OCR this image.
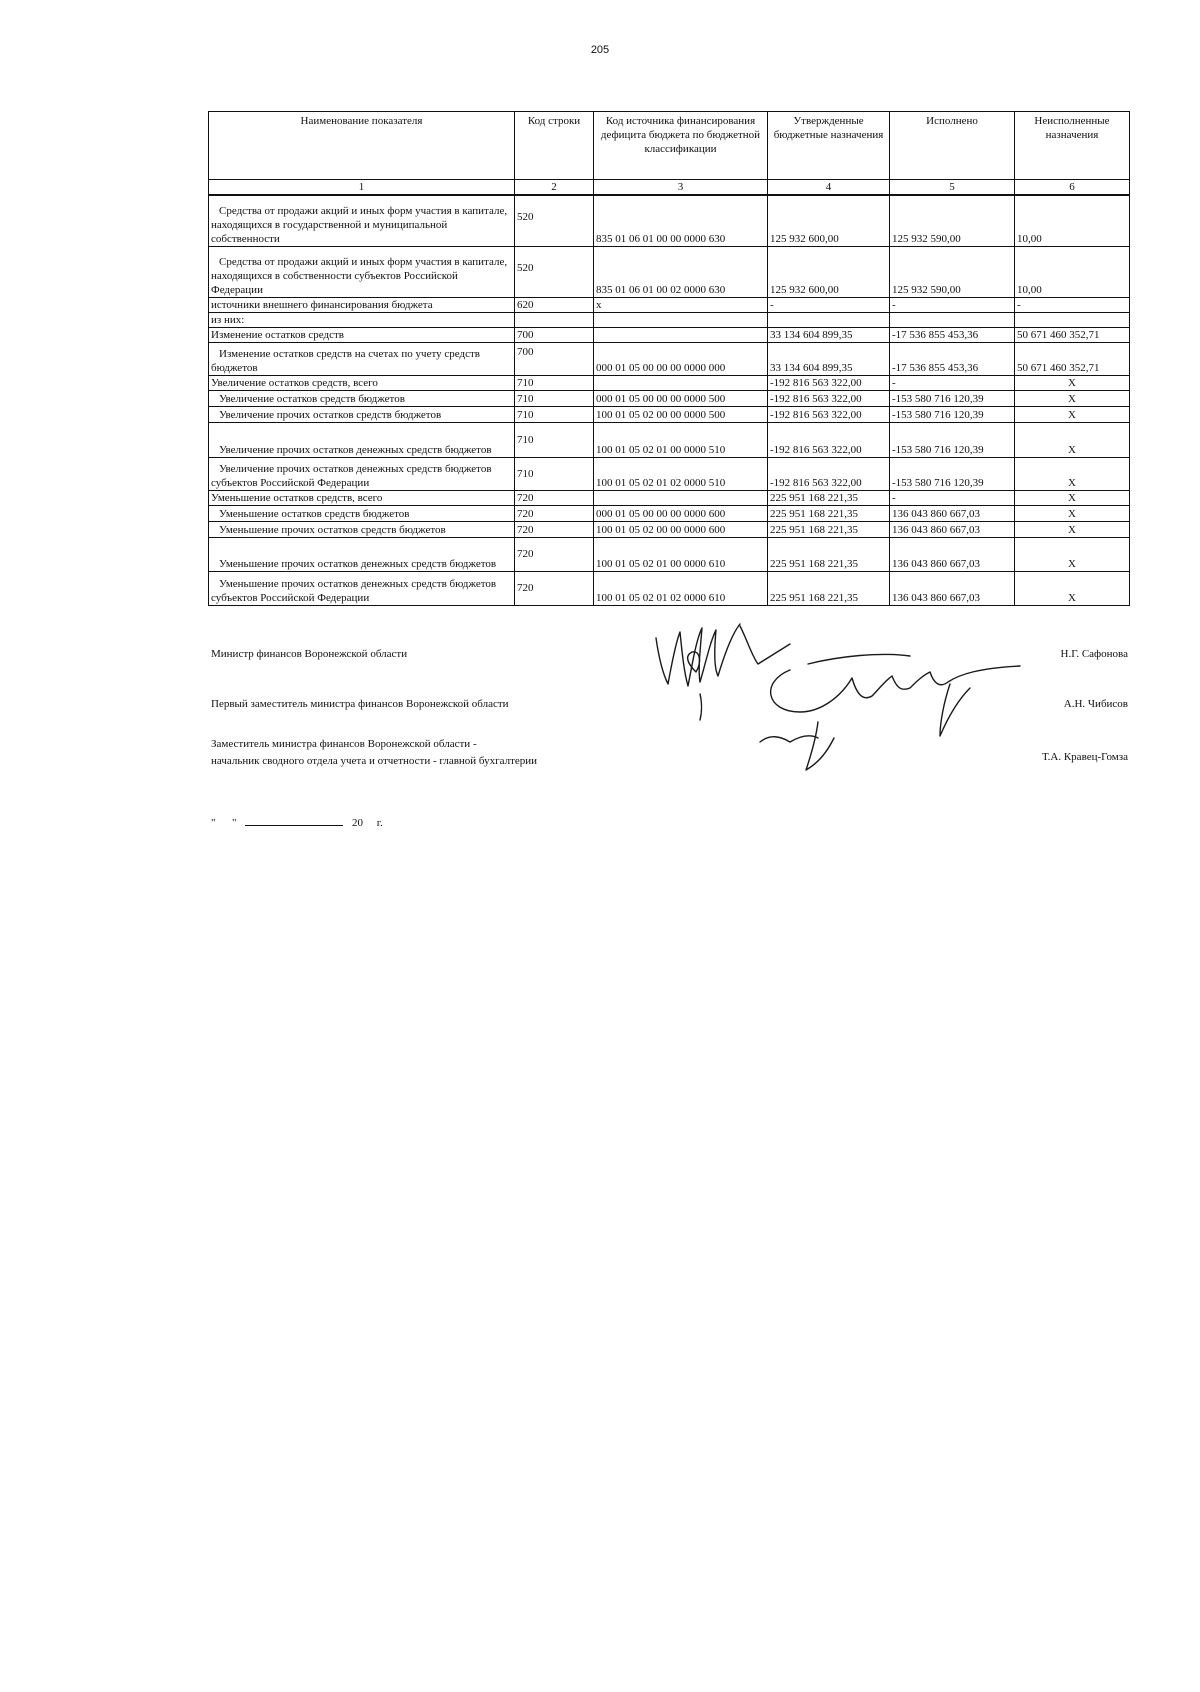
205
Наименование показателя	Код строки	Код источника финансирования дефицита бюджета по бюджетной классификации	Утвержденные бюджетные назначения	Исполнено	Неисполненные назначения
1	2	3	4	5	6
Средства от продажи акций и иных форм участия в капитале, находящихся в государственной и муниципальной собственности	520	835 01 06 01 00 00 0000 630	125 932 600,00	125 932 590,00	10,00
Средства от продажи акций и иных форм участия в капитале, находящихся в собственности субъектов Российской Федерации	520	835 01 06 01 00 02 0000 630	125 932 600,00	125 932 590,00	10,00
источники внешнего финансирования бюджета	620	x	-	-	-
из них:					
Изменение остатков средств	700		33 134 604 899,35	-17 536 855 453,36	50 671 460 352,71
Изменение остатков средств на счетах по учету средств бюджетов	700	000 01 05 00 00 00 0000 000	33 134 604 899,35	-17 536 855 453,36	50 671 460 352,71
Увеличение остатков средств, всего	710		-192 816 563 322,00	-	X
Увеличение остатков средств бюджетов	710	000 01 05 00 00 00 0000 500	-192 816 563 322,00	-153 580 716 120,39	X
Увеличение прочих остатков средств бюджетов	710	100 01 05 02 00 00 0000 500	-192 816 563 322,00	-153 580 716 120,39	X
Увеличение прочих остатков денежных средств бюджетов	710	100 01 05 02 01 00 0000 510	-192 816 563 322,00	-153 580 716 120,39	X
Увеличение прочих остатков денежных средств бюджетов субъектов Российской Федерации	710	100 01 05 02 01 02 0000 510	-192 816 563 322,00	-153 580 716 120,39	X
Уменьшение остатков средств, всего	720		225 951 168 221,35	-	X
Уменьшение остатков средств бюджетов	720	000 01 05 00 00 00 0000 600	225 951 168 221,35	136 043 860 667,03	X
Уменьшение прочих остатков средств бюджетов	720	100 01 05 02 00 00 0000 600	225 951 168 221,35	136 043 860 667,03	X
Уменьшение прочих остатков денежных средств бюджетов	720	100 01 05 02 01 00 0000 610	225 951 168 221,35	136 043 860 667,03	X
Уменьшение прочих остатков денежных средств бюджетов субъектов Российской Федерации	720	100 01 05 02 01 02 0000 610	225 951 168 221,35	136 043 860 667,03	X
Министр финансов Воронежской области	Н.Г. Сафонова
Первый заместитель министра финансов Воронежской области	А.Н. Чибисов
Заместитель министра финансов Воронежской области -
начальник сводного отдела учета и отчетности - главной бухгалтерии	Т.А. Кравец-Гомза
" "	20 г.
